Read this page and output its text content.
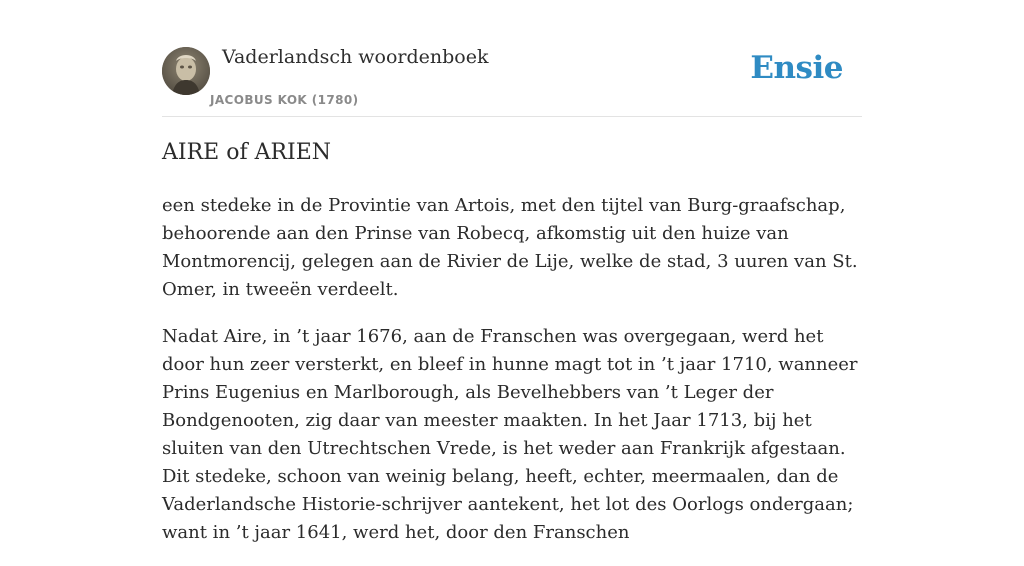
Vaderlandsch woordenboek
JACOBUS KOK (1780)
Ensie
AIRE of ARIEN

een stedeke in de Provintie van Artois, met den tijtel van Burg-graafschap, behoorende aan den Prinse van Robecq, afkomstig uit den huize van Montmorencij, gelegen aan de Rivier de Lije, welke de stad, 3 uuren van St. Omer, in tweeën verdeelt.

Nadat Aire, in ’t jaar 1676, aan de Franschen was overgegaan, werd het door hun zeer versterkt, en bleef in hunne magt tot in ’t jaar 1710, wanneer Prins Eugenius en Marlborough, als Bevelhebbers van ’t Leger der Bondgenooten, zig daar van meester maakten. In het Jaar 1713, bij het sluiten van den Utrechtschen Vrede, is het weder aan Frankrijk afgestaan. Dit stedeke, schoon van weinig belang, heeft, echter, meermaalen, dan de Vaderlandsche Historie-schrijver aantekent, het lot des Oorlogs ondergaan; want in ’t jaar 1641, werd het, door den Franschen
